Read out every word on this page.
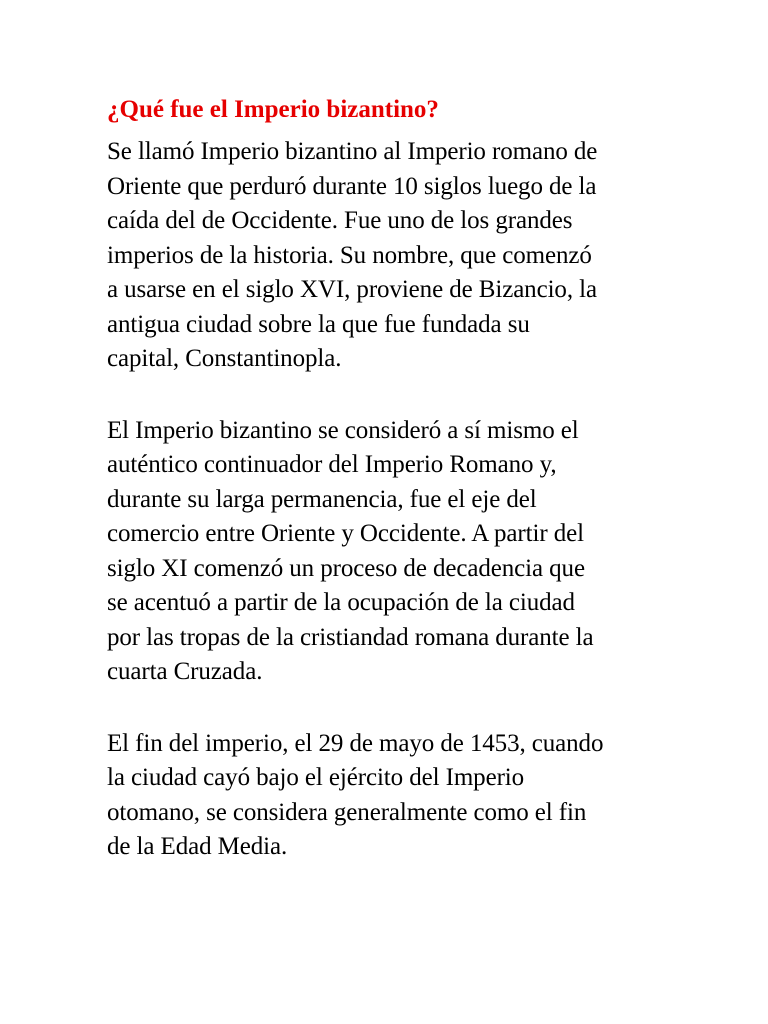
¿Qué fue el Imperio bizantino?

Se llamó Imperio bizantino al Imperio romano de
Oriente que perduró durante 10 siglos luego de la
caída del de Occidente. Fue uno de los grandes
imperios de la historia. Su nombre, que comenzó
a usarse en el siglo XVI, proviene de Bizancio, la
antigua ciudad sobre la que fue fundada su
capital, Constantinopla.

El Imperio bizantino se consideró a sí mismo el
auténtico continuador del Imperio Romano y,
durante su larga permanencia, fue el eje del
comercio entre Oriente y Occidente. A partir del
siglo XI comenzó un proceso de decadencia que
se acentuó a partir de la ocupación de la ciudad
por las tropas de la cristiandad romana durante la
cuarta Cruzada.

El fin del imperio, el 29 de mayo de 1453, cuando
la ciudad cayó bajo el ejército del Imperio
otomano, se considera generalmente como el fin
de la Edad Media.
